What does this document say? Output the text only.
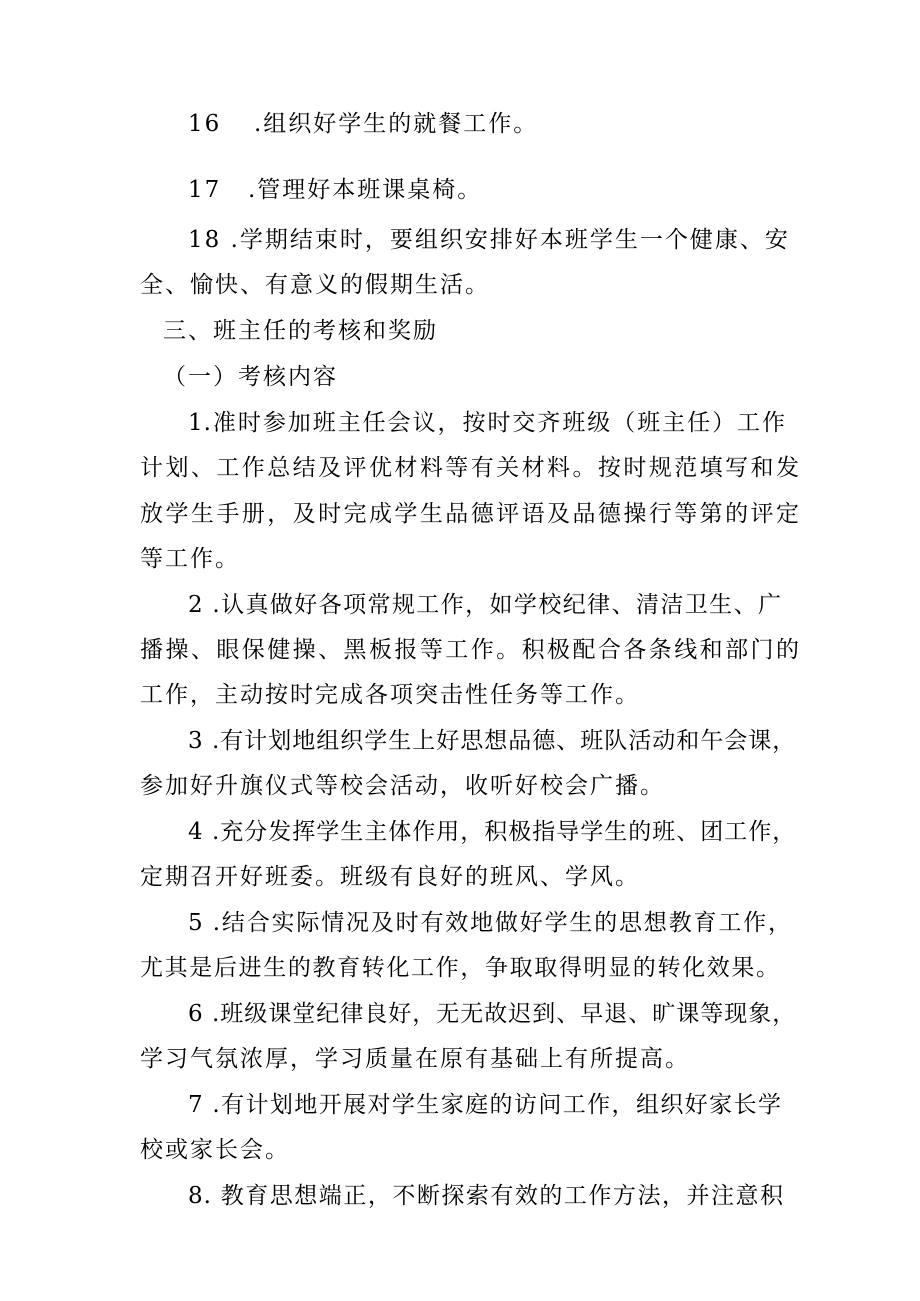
16 .组织好学生的就餐工作。
17 .管理好本班课桌椅。
18 .学期结束时，要组织安排好本班学生一个健康、安
全、愉快、有意义的假期生活。
三、班主任的考核和奖励
（一）考核内容
1.准时参加班主任会议，按时交齐班级（班主任）工作
计划、工作总结及评优材料等有关材料。按时规范填写和发
放学生手册，及时完成学生品德评语及品德操行等第的评定
等工作。
2 .认真做好各项常规工作，如学校纪律、清洁卫生、广
播操、眼保健操、黑板报等工作。积极配合各条线和部门的
工作，主动按时完成各项突击性任务等工作。
3 .有计划地组织学生上好思想品德、班队活动和午会课，
参加好升旗仪式等校会活动，收听好校会广播。
4 .充分发挥学生主体作用，积极指导学生的班、团工作，
定期召开好班委。班级有良好的班风、学风。
5 .结合实际情况及时有效地做好学生的思想教育工作，
尤其是后进生的教育转化工作，争取取得明显的转化效果。
6 .班级课堂纪律良好，无无故迟到、早退、旷课等现象，
学习气氛浓厚，学习质量在原有基础上有所提高。
7 .有计划地开展对学生家庭的访问工作，组织好家长学
校或家长会。
8. 教育思想端正，不断探索有效的工作方法，并注意积
